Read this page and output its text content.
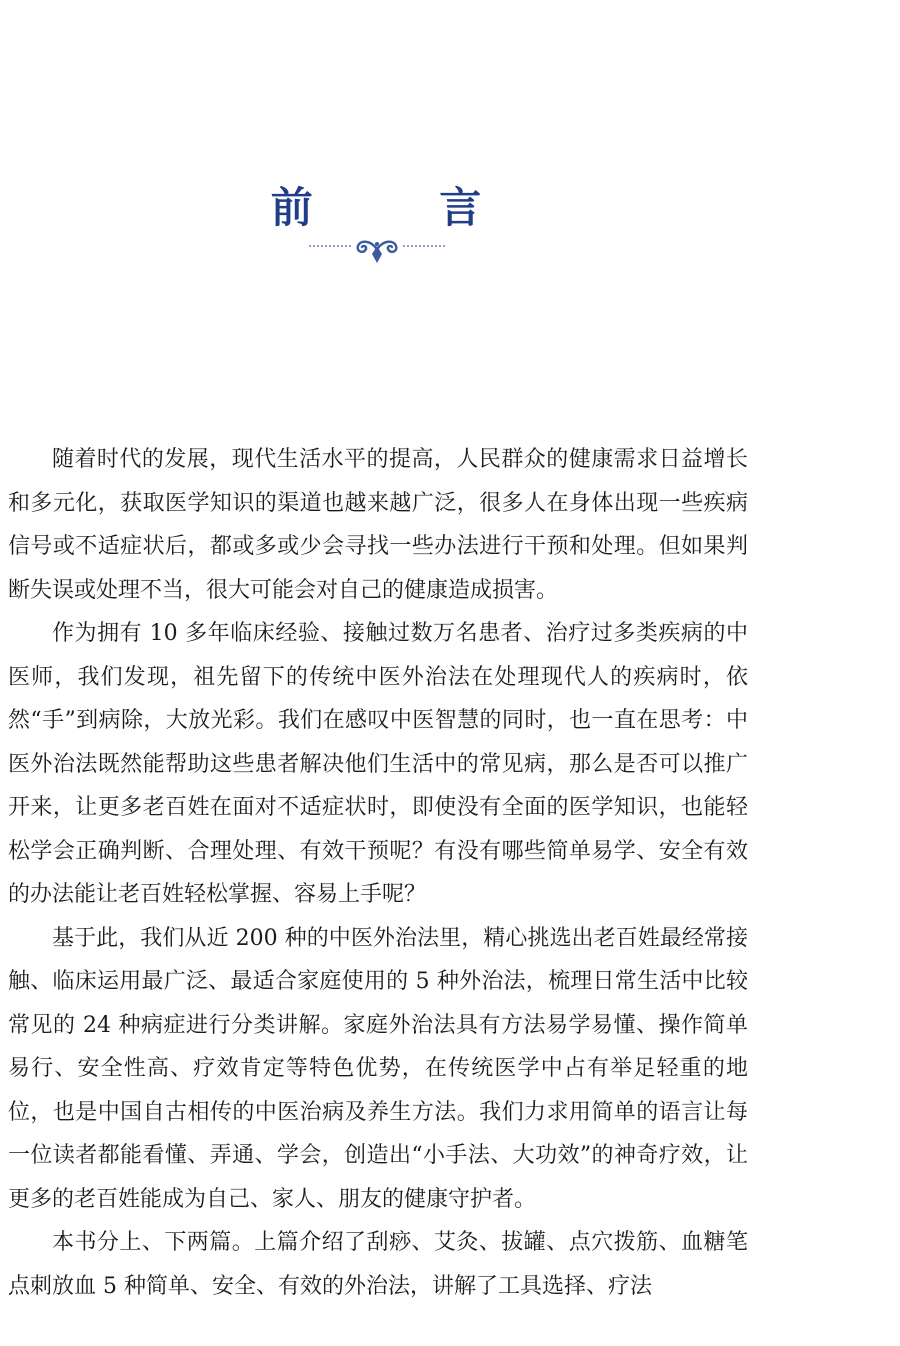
前 言

随着时代的发展，现代生活水平的提高，人民群众的健康需求日益增长和多元化，获取医学知识的渠道也越来越广泛，很多人在身体出现一些疾病信号或不适症状后，都或多或少会寻找一些办法进行干预和处理。但如果判断失误或处理不当，很大可能会对自己的健康造成损害。

作为拥有 10 多年临床经验、接触过数万名患者、治疗过多类疾病的中医师，我们发现，祖先留下的传统中医外治法在处理现代人的疾病时，依然“手”到病除，大放光彩。我们在感叹中医智慧的同时，也一直在思考：中医外治法既然能帮助这些患者解决他们生活中的常见病，那么是否可以推广开来，让更多老百姓在面对不适症状时，即使没有全面的医学知识，也能轻松学会正确判断、合理处理、有效干预呢？有没有哪些简单易学、安全有效的办法能让老百姓轻松掌握、容易上手呢？

基于此，我们从近 200 种的中医外治法里，精心挑选出老百姓最经常接触、临床运用最广泛、最适合家庭使用的 5 种外治法，梳理日常生活中比较常见的 24 种病症进行分类讲解。家庭外治法具有方法易学易懂、操作简单易行、安全性高、疗效肯定等特色优势，在传统医学中占有举足轻重的地位，也是中国自古相传的中医治病及养生方法。我们力求用简单的语言让每一位读者都能看懂、弄通、学会，创造出“小手法、大功效”的神奇疗效，让更多的老百姓能成为自己、家人、朋友的健康守护者。

本书分上、下两篇。上篇介绍了刮痧、艾灸、拔罐、点穴拨筋、血糖笔点刺放血 5 种简单、安全、有效的外治法，讲解了工具选择、疗法
